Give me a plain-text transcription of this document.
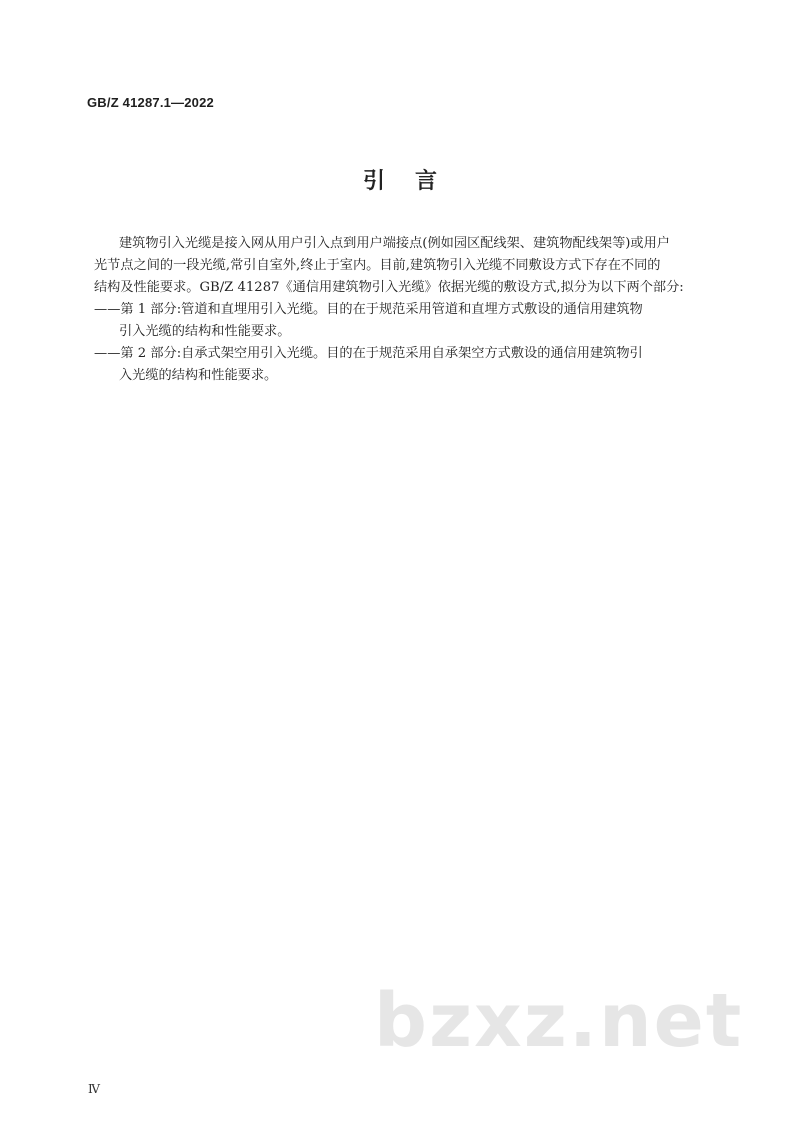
GB/Z 41287.1—2022
引言
建筑物引入光缆是接入网从用户引入点到用户端接点(例如园区配线架、建筑物配线架等)或用户
光节点之间的一段光缆,常引自室外,终止于室内。目前,建筑物引入光缆不同敷设方式下存在不同的
结构及性能要求。GB/Z 41287《通信用建筑物引入光缆》依据光缆的敷设方式,拟分为以下两个部分:
——第 1 部分:管道和直埋用引入光缆。目的在于规范采用管道和直埋方式敷设的通信用建筑物
引入光缆的结构和性能要求。
——第 2 部分:自承式架空用引入光缆。目的在于规范采用自承架空方式敷设的通信用建筑物引
入光缆的结构和性能要求。
bzxz.net
Ⅳ
